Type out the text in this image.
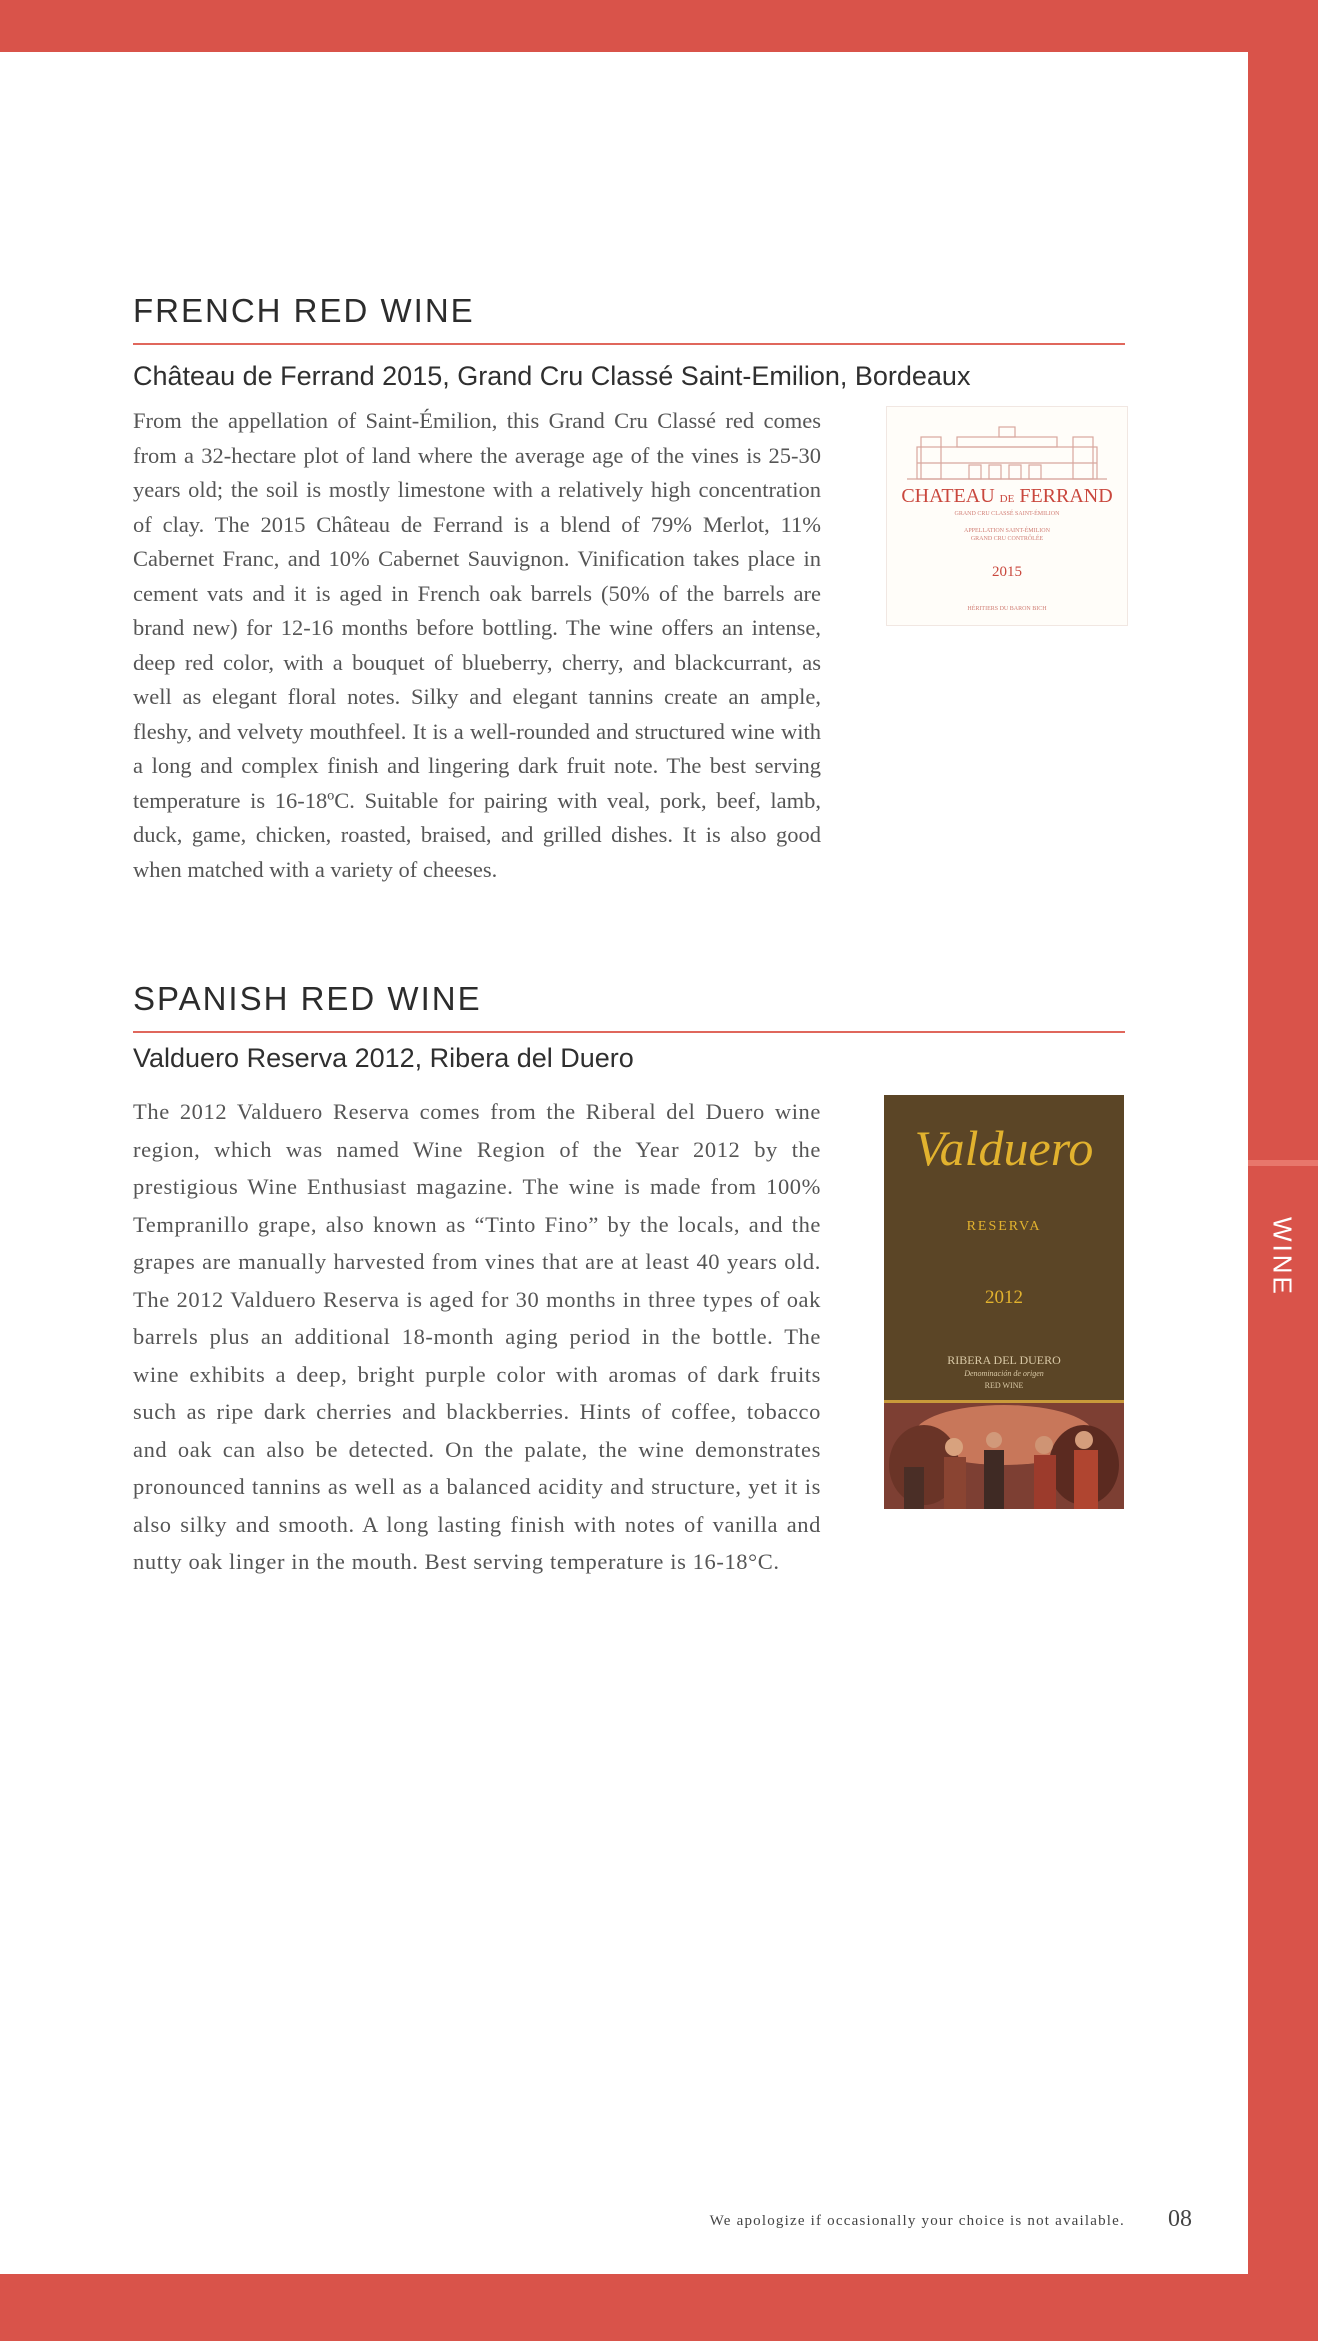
WINE
FRENCH RED WINE
Château de Ferrand 2015, Grand Cru Classé Saint-Emilion, Bordeaux

From the appellation of Saint-Émilion, this Grand Cru Classé red comes from a 32-hectare plot of land where the average age of the vines is 25-30 years old; the soil is mostly limestone with a relatively high concentration of clay. The 2015 Château de Ferrand is a blend of 79% Merlot, 11% Cabernet Franc, and 10% Cabernet Sauvignon. Vinification takes place in cement vats and it is aged in French oak barrels (50% of the barrels are brand new) for 12-16 months before bottling. The wine offers an intense, deep red color, with a bouquet of blueberry, cherry, and blackcurrant, as well as elegant floral notes. Silky and elegant tannins create an ample, fleshy, and velvety mouthfeel. It is a well-rounded and structured wine with a long and complex finish and lingering dark fruit note. The best serving temperature is 16-18ºC. Suitable for pairing with veal, pork, beef, lamb, duck, game, chicken, roasted, braised, and grilled dishes. It is also good when matched with a variety of cheeses.

CHATEAU DE FERRAND
GRAND CRU CLASSÉ SAINT-ÉMILION
APPELLATION SAINT-ÉMILION
GRAND CRU CONTRÔLÉE
2015
HÉRITIERS DU BARON BICH
SPANISH RED WINE
Valduero Reserva 2012, Ribera del Duero

The 2012 Valduero Reserva comes from the Riberal del Duero wine region, which was named Wine Region of the Year 2012 by the prestigious Wine Enthusiast magazine. The wine is made from 100% Tempranillo grape, also known as “Tinto Fino” by the locals, and the grapes are manually harvested from vines that are at least 40 years old. The 2012 Valduero Reserva is aged for 30 months in three types of oak barrels plus an additional 18-month aging period in the bottle. The wine exhibits a deep, bright purple color with aromas of dark fruits such as ripe dark cherries and blackberries. Hints of coffee, tobacco and oak can also be detected. On the palate, the wine demonstrates pronounced tannins as well as a balanced acidity and structure, yet it is also silky and smooth. A long lasting finish with notes of vanilla and nutty oak linger in the mouth. Best serving temperature is 16-18°C.

Valduero
RESERVA
2012
RIBERA DEL DUERO
Denominación de origen
RED WINE
We apologize if occasionally your choice is not available. 08
